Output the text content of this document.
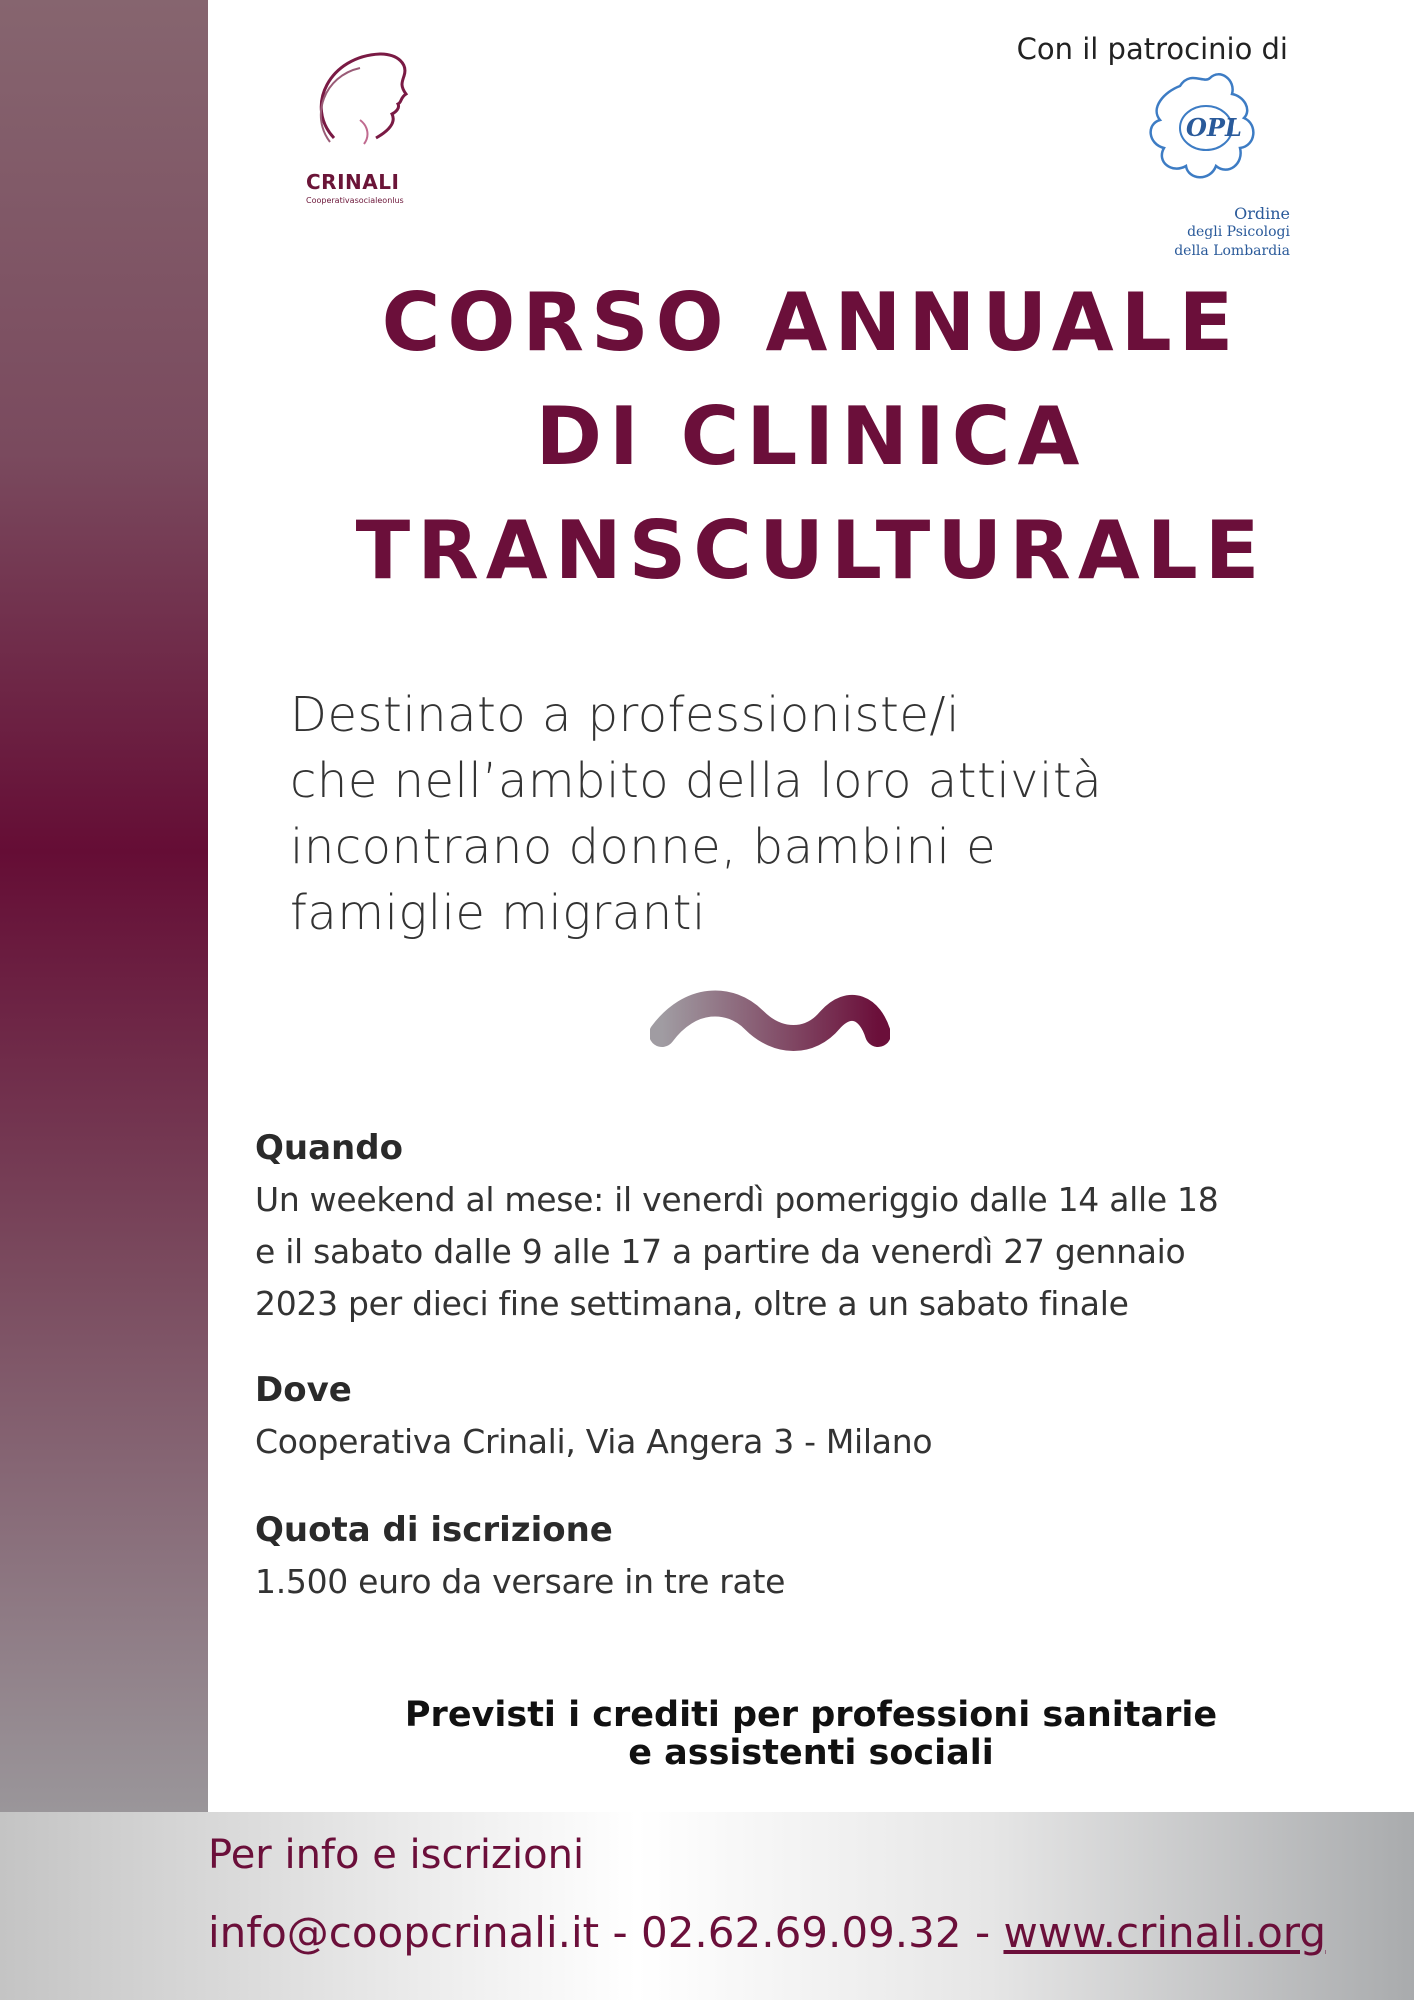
CRINALI
Cooperativasocialeonlus
Con il patrocinio di
OPL
Ordine
degli Psicologi
della Lombardia
CORSO ANNUALE
DI CLINICA
TRANSCULTURALE
Destinato a professioniste/i
che nell’ambito della loro attività
incontrano donne, bambini e
famiglie migranti
Quando
Un weekend al mese: il venerdì pomeriggio dalle 14 alle 18
e il sabato dalle 9 alle 17 a partire da venerdì 27 gennaio
2023 per dieci fine settimana, oltre a un sabato finale
Dove
Cooperativa Crinali, Via Angera 3 - Milano
Quota di iscrizione
1.500 euro da versare in tre rate
Previsti i crediti per professioni sanitarie
e assistenti sociali
Per info e iscrizioni
info@coopcrinali.it - 02.62.69.09.32 - www.crinali.org
